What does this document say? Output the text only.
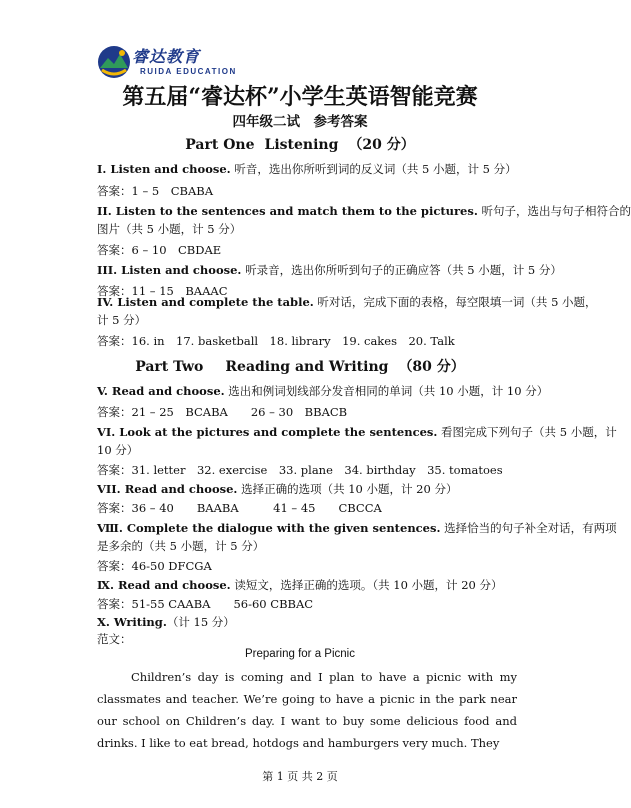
睿达教育
RUIDA EDUCATION
第五届“睿达杯”小学生英语智能竞赛
四年级二试　参考答案
Part One Listening （20 分）
I. Listen and choose. 听音，选出你所听到词的反义词（共 5 小题，计 5 分）
答案：1 – 5　CBABA
II. Listen to the sentences and match them to the pictures. 听句子，选出与句子相符合的
图片（共 5 小题，计 5 分）
答案：6 – 10　CBDAE
III. Listen and choose. 听录音，选出你所听到句子的正确应答（共 5 小题，计 5 分）
答案：11 – 15　BAAAC
IV. Listen and complete the table. 听对话，完成下面的表格，每空限填一词（共 5 小题，
计 5 分）
答案：16. in　17. basketball　18. library　19. cakes　20. Talk
Part Two Reading and Writing （80 分）
V. Read and choose. 选出和例词划线部分发音相同的单词（共 10 小题，计 10 分）
答案：21 – 25　BCABA　　26 – 30　BBACB
VI. Look at the pictures and complete the sentences. 看图完成下列句子（共 5 小题，计
10 分）
答案：31. letter　32. exercise　33. plane　34. birthday　35. tomatoes
VII. Read and choose. 选择正确的选项（共 10 小题，计 20 分）
答案：36 – 40　　BAABA　　　41 – 45　　CBCCA
Ⅷ. Complete the dialogue with the given sentences. 选择恰当的句子补全对话，有两项
是多余的（共 5 小题，计 5 分）
答案：46-50 DFCGA
Ⅸ. Read and choose. 读短文，选择正确的选项。（共 10 小题，计 20 分）
答案：51-55 CAABA　　56-60 CBBAC
X. Writing.（计 15 分）
范文：
Preparing for a Picnic

Children’s day is coming and I plan to have a picnic with my classmates and teacher. We’re going to have a picnic in the park near our school on Children’s day. I want to buy some delicious food and drinks. I like to eat bread, hotdogs and hamburgers very much. They

第 1 页 共 2 页
